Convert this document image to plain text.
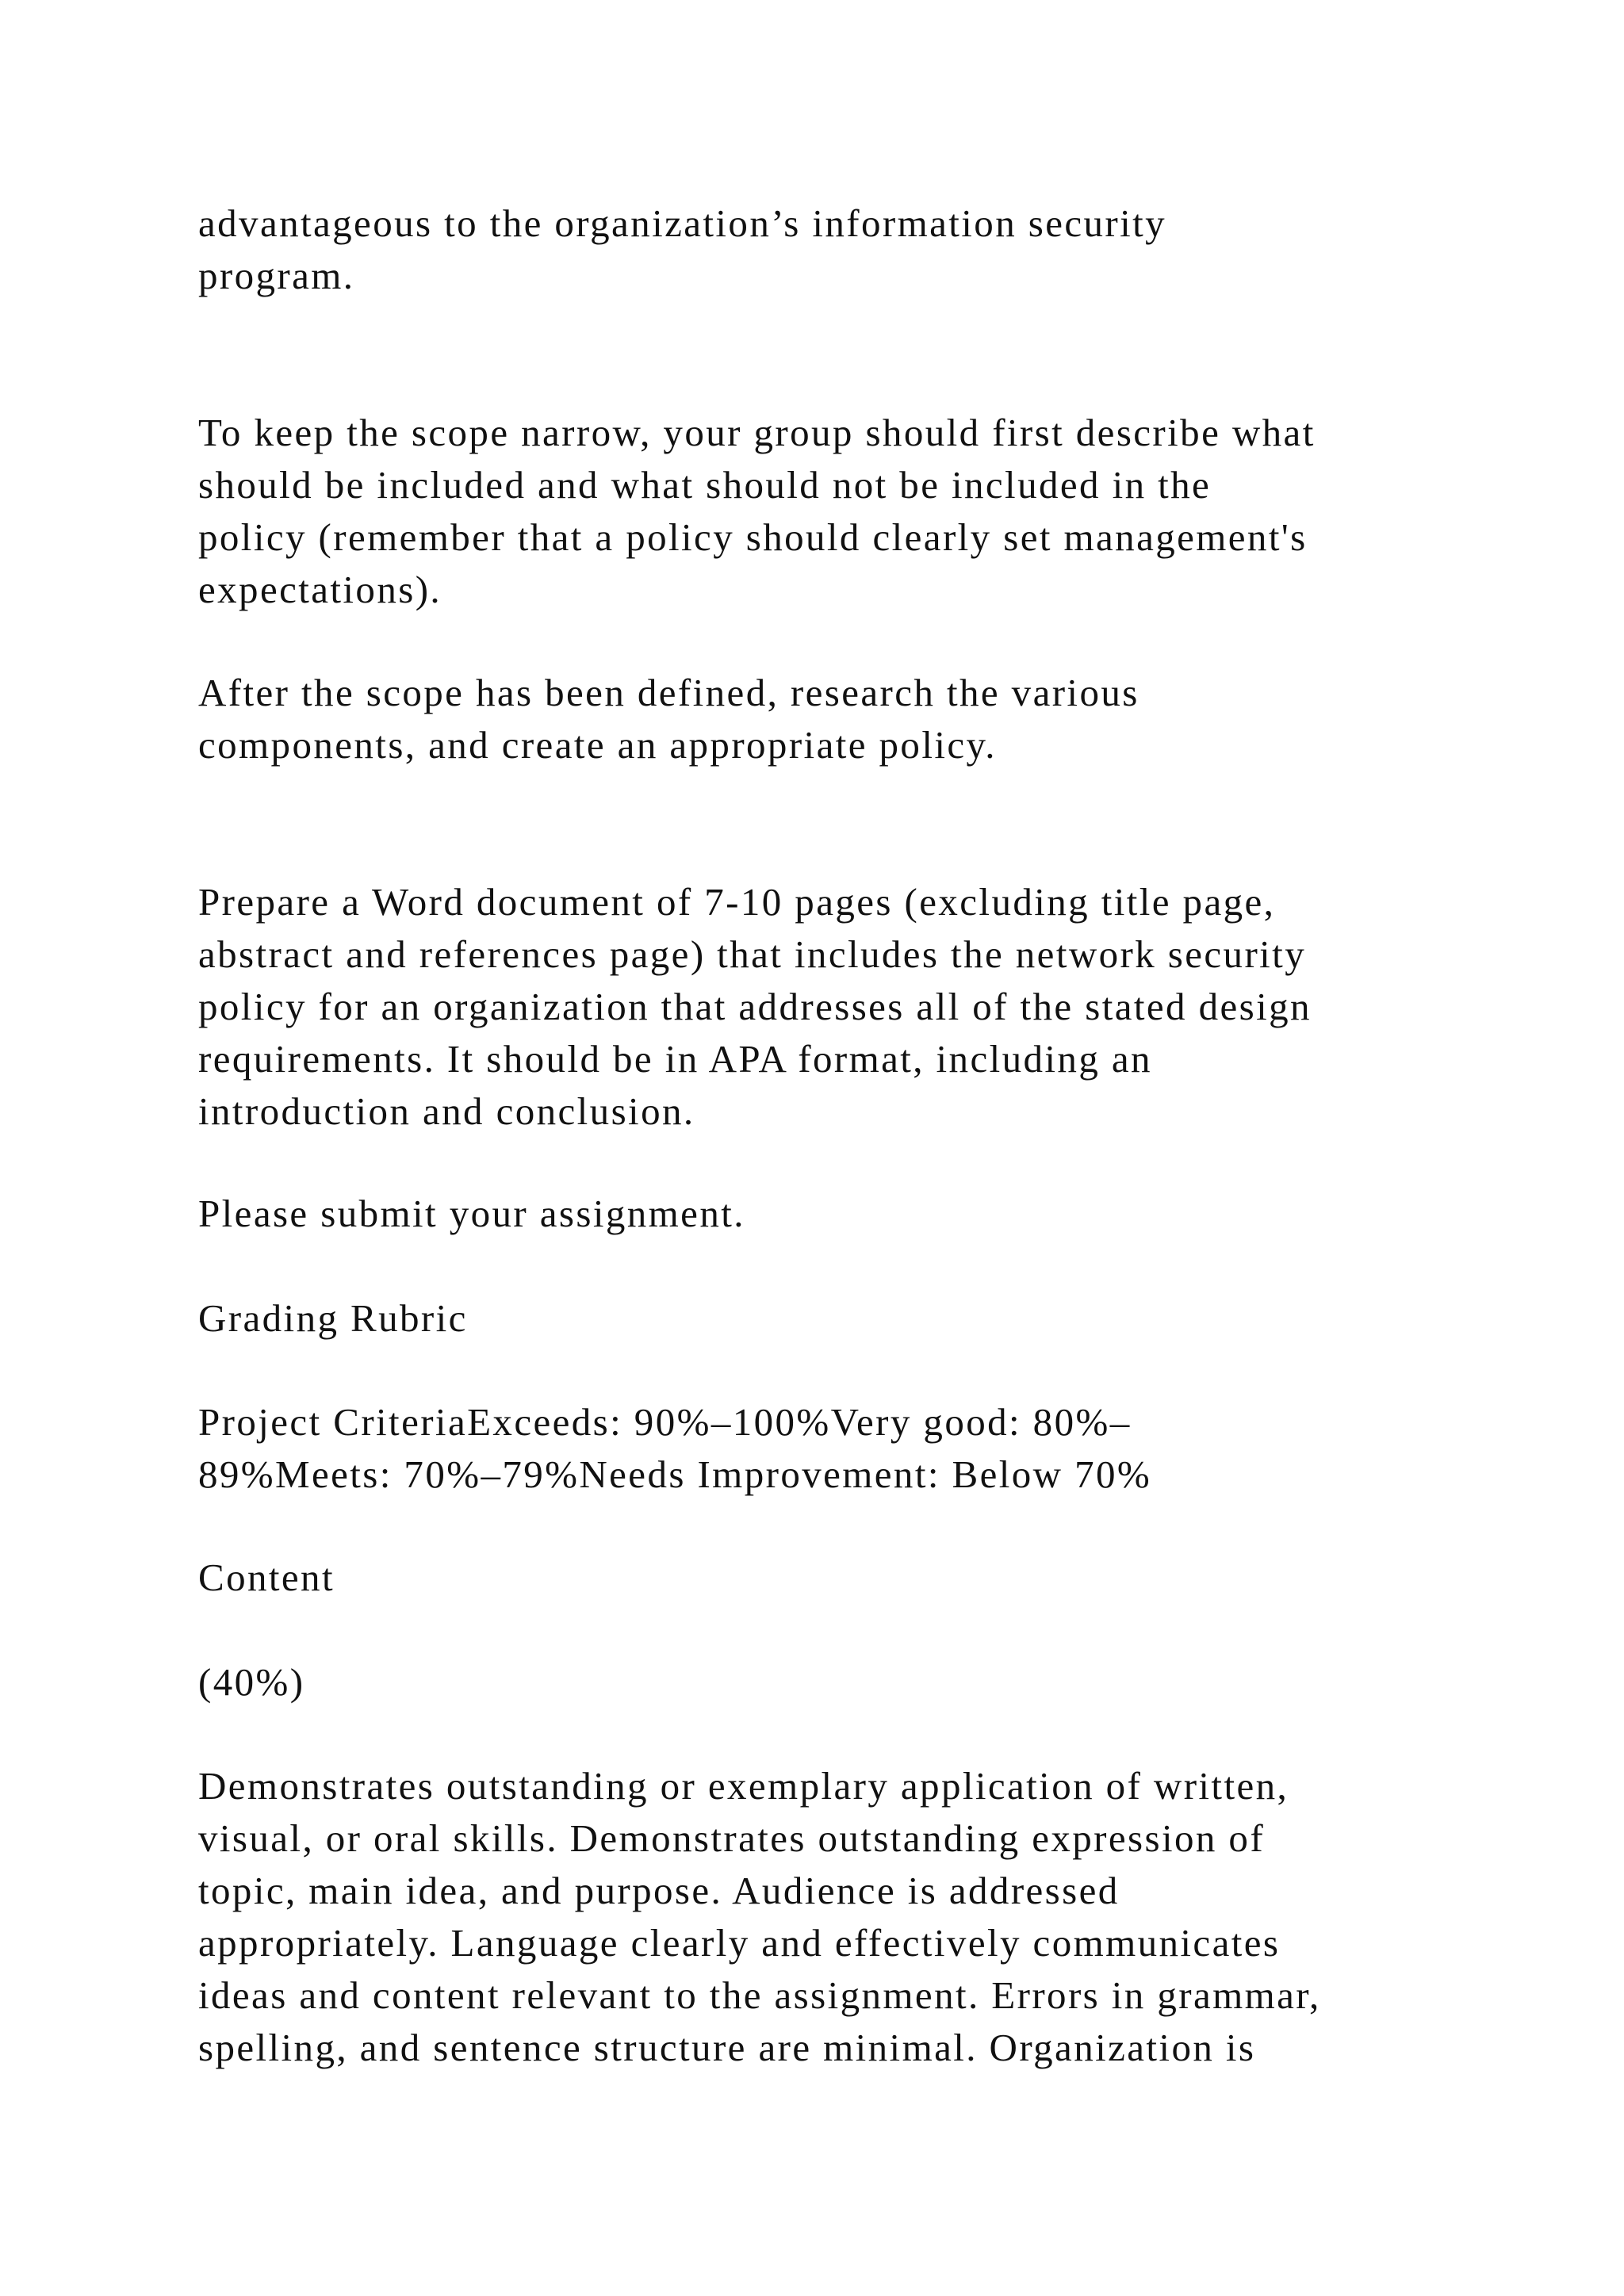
advantageous to the organization’s information security
program.

To keep the scope narrow, your group should first describe what
should be included and what should not be included in the
policy (remember that a policy should clearly set management's
expectations).

After the scope has been defined, research the various
components, and create an appropriate policy.

Prepare a Word document of 7-10 pages (excluding title page,
abstract and references page) that includes the network security
policy for an organization that addresses all of the stated design
requirements. It should be in APA format, including an
introduction and conclusion.

Please submit your assignment.

Grading Rubric

Project CriteriaExceeds: 90%–100%Very good: 80%–
89%Meets: 70%–79%Needs Improvement: Below 70%

Content

(40%)

Demonstrates outstanding or exemplary application of written,
visual, or oral skills. Demonstrates outstanding expression of
topic, main idea, and purpose. Audience is addressed
appropriately. Language clearly and effectively communicates
ideas and content relevant to the assignment. Errors in grammar,
spelling, and sentence structure are minimal. Organization is
